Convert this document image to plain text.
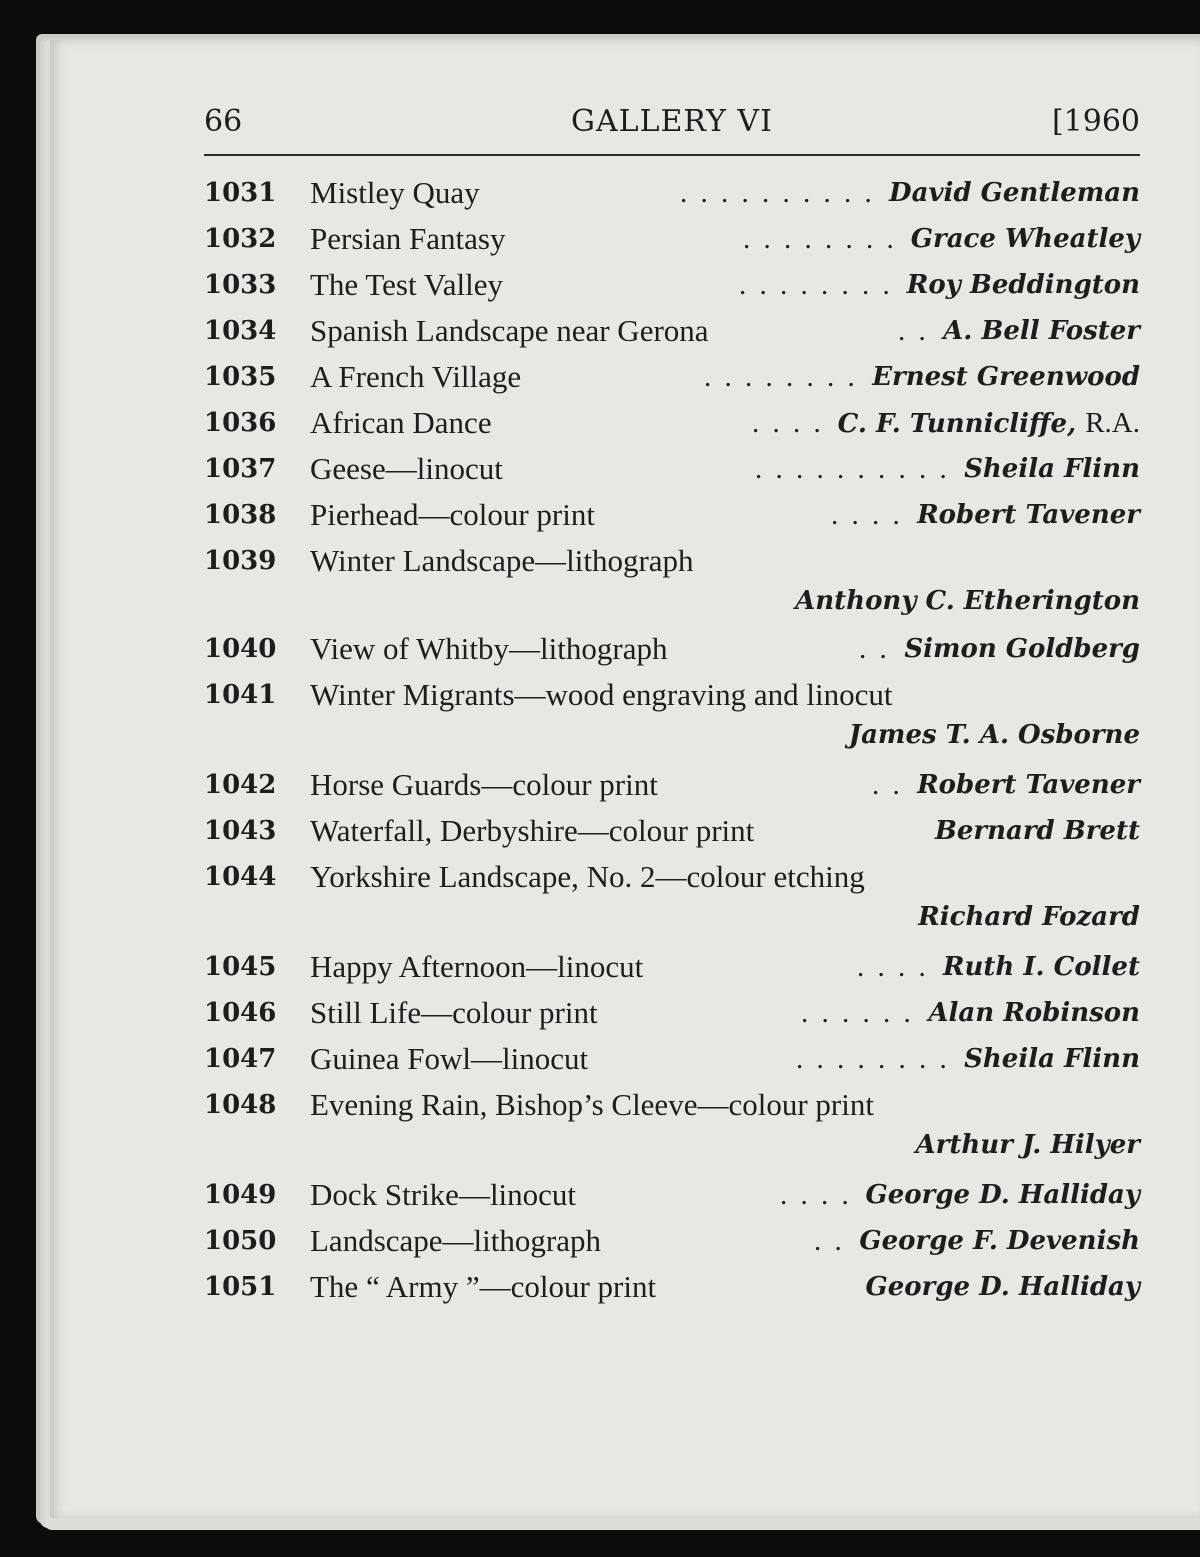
66	GALLERY VI	[1960
1031 Mistley Quay	. . . . . . . . . . David Gentleman
1032 Persian Fantasy	. . . . . . . . Grace Wheatley
1033 The Test Valley	. . . . . . . . Roy Beddington
1034 Spanish Landscape near Gerona	. . A. Bell Foster
1035 A French Village	. . . . . . . . Ernest Greenwood
1036 African Dance	. . . . C. F. Tunnicliffe, R.A.
1037 Geese—linocut	. . . . . . . . . . Sheila Flinn
1038 Pierhead—colour print	. . . . Robert Tavener
1039 Winter Landscape—lithograph
Anthony C. Etherington
1040 View of Whitby—lithograph	. . Simon Goldberg
1041 Winter Migrants—wood engraving and linocut
James T. A. Osborne
1042 Horse Guards—colour print	. . Robert Tavener
1043 Waterfall, Derbyshire—colour print	Bernard Brett
1044 Yorkshire Landscape, No. 2—colour etching
Richard Fozard
1045 Happy Afternoon—linocut	. . . . Ruth I. Collet
1046 Still Life—colour print	. . . . . . Alan Robinson
1047 Guinea Fowl—linocut	. . . . . . . . Sheila Flinn
1048 Evening Rain, Bishop’s Cleeve—colour print
Arthur J. Hilyer
1049 Dock Strike—linocut	. . . . George D. Halliday
1050 Landscape—lithograph	. . George F. Devenish
1051 The “ Army ”—colour print	George D. Halliday
